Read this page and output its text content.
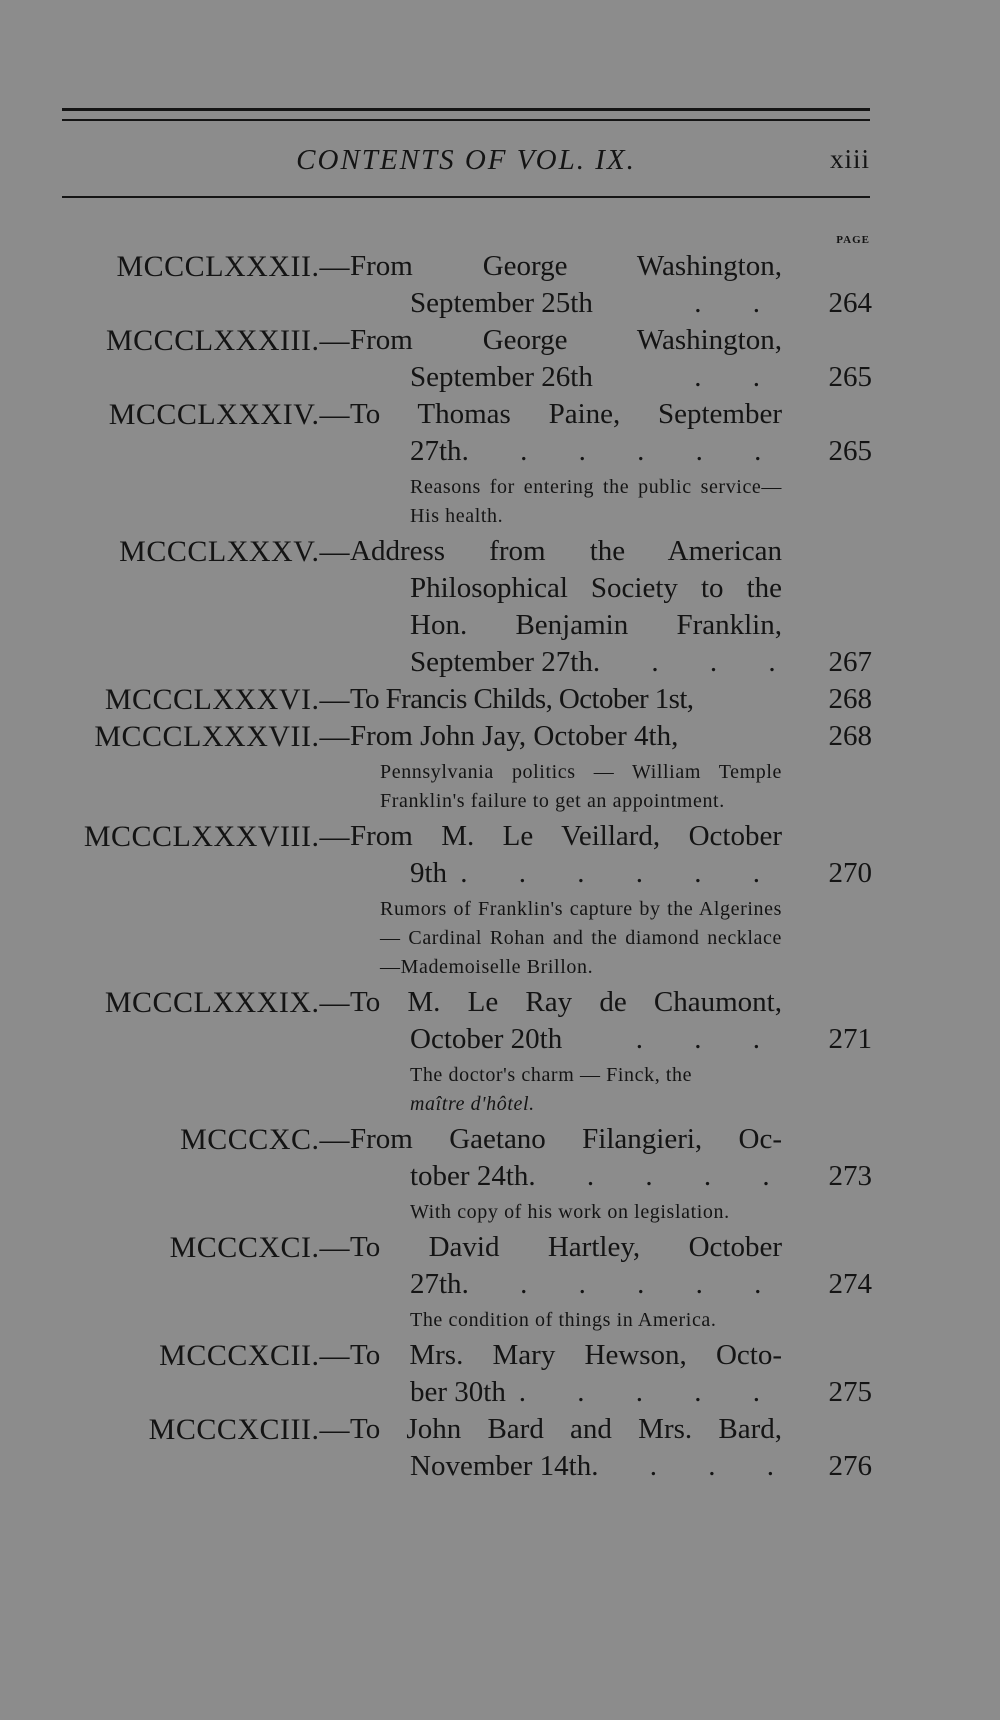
CONTENTS OF VOL. IX.	xiii
PAGE
MCCCLXXXII.— From George Washington,
September 25th	. .	264
MCCCLXXXIII.— From George Washington,
September 26th	. .	265
MCCCLXXXIV.— To Thomas Paine, September
27th . . . . . .	265
Reasons for entering the public service—His health.
MCCCLXXXV.— Address from the American
Philosophical Society to the
Hon. Benjamin Franklin,
September 27th . . . .	267
MCCCLXXXVI.— To Francis Childs, October 1st,	268
MCCCLXXXVII.— From John Jay, October 4th,	268
Pennsylvania politics — William Temple Franklin's failure to get an appointment.
MCCCLXXXVIII.— From M. Le Veillard, October
9th . . . . . .	270
Rumors of Franklin's capture by the Algerines — Cardinal Rohan and the diamond necklace—Mademoiselle Brillon.
MCCCLXXXIX.— To M. Le Ray de Chaumont,
October 20th	. . .	271
The doctor's charm — Finck, the
maître d'hôtel.
MCCCXC.— From Gaetano Filangieri, Oc-
tober 24th . . . . .	273
With copy of his work on legislation.
MCCCXCI.— To David Hartley, October
27th . . . . . .	274
The condition of things in America.
MCCCXCII.— To Mrs. Mary Hewson, Octo-
ber 30th . . . . .	275
MCCCXCIII.— To John Bard and Mrs. Bard,
November 14th . . . .	276
